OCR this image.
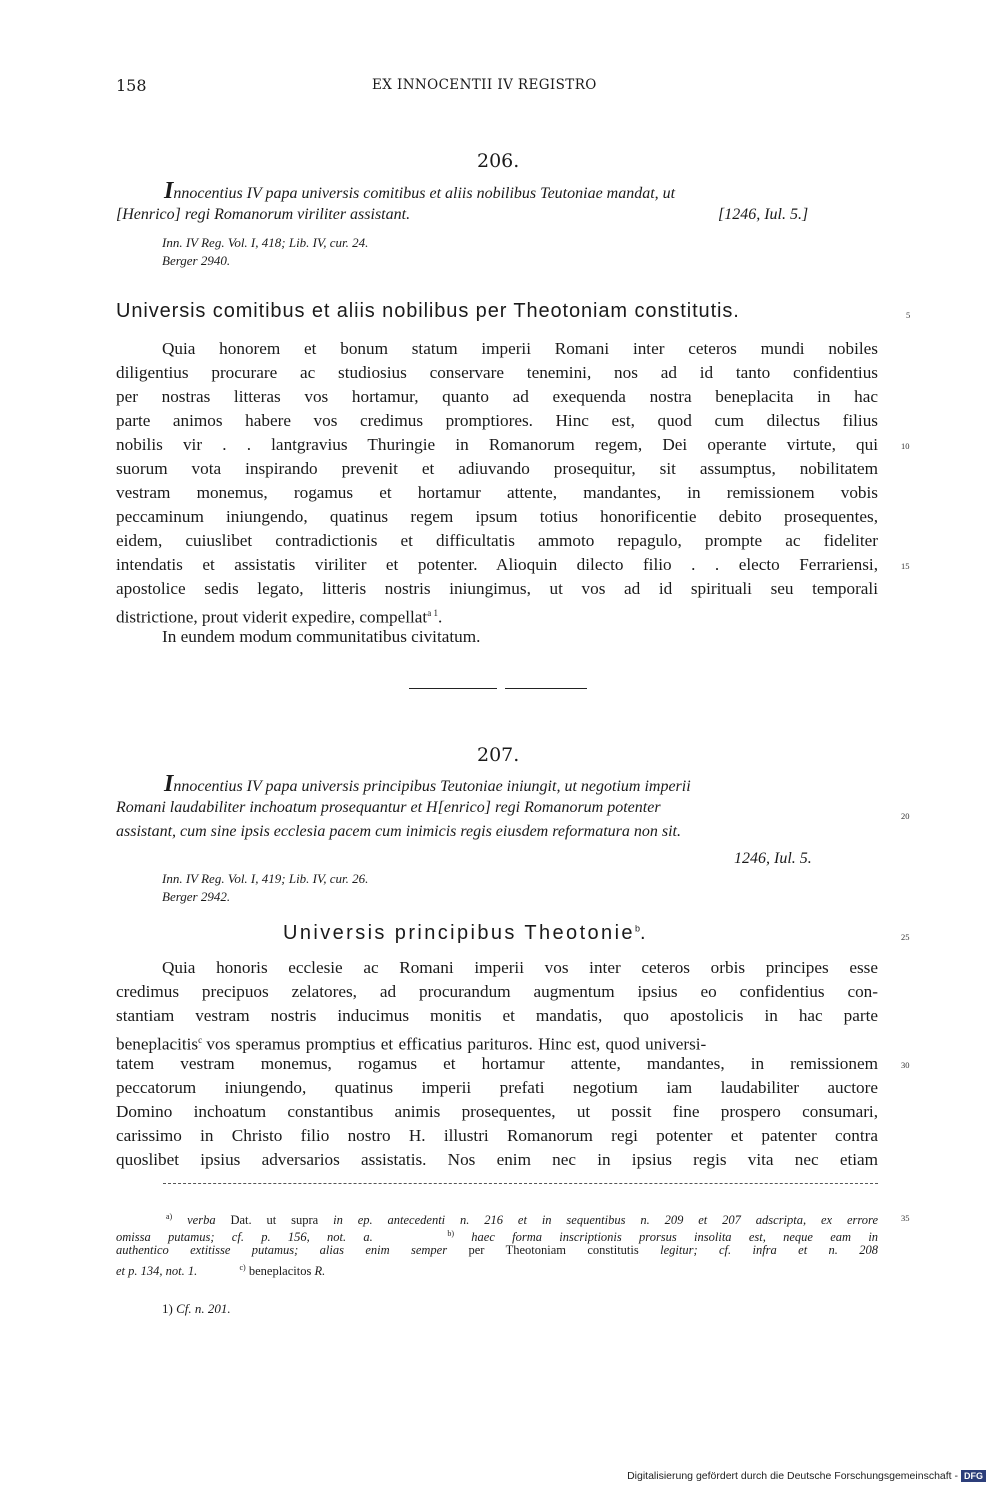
158	EX INNOCENTII IV REGISTRO
206.
Innocentius IV papa universis comitibus et aliis nobilibus Teutoniae mandat, ut
[Henrico] regi Romanorum viriliter assistant.	[1246, Iul. 5.]
Inn. IV Reg. Vol. I, 418; Lib. IV, cur. 24.
Berger 2940.
Universis comitibus et aliis nobilibus per Theotoniam constitutis.	5
Quia honorem et bonum statum imperii Romani inter ceteros mundi nobiles
diligentius procurare ac studiosius conservare tenemini, nos ad id tanto confidentius
per nostras litteras vos hortamur, quanto ad exequenda nostra beneplacita in hac
parte animos habere vos credimus promptiores. Hinc est, quod cum dilectus filius
nobilis vir . . lantgravius Thuringie in Romanorum regem, Dei operante virtute, qui	10
suorum vota inspirando prevenit et adiuvando prosequitur, sit assumptus, nobilitatem
vestram monemus, rogamus et hortamur attente, mandantes, in remissionem vobis
peccaminum iniungendo, quatinus regem ipsum totius honorificentie debito prosequentes,
eidem, cuiuslibet contradictionis et difficultatis ammoto repagulo, prompte ac fideliter
intendatis et assistatis viriliter et potenter. Alioquin dilecto filio . . electo Ferrariensi,	15
apostolice sedis legato, litteris nostris iniungimus, ut vos ad id spirituali seu temporali
districtione, prout viderit expedire, compellat$^{a 1}$.
In eundem modum communitatibus civitatum.
207.
Innocentius IV papa universis principibus Teutoniae iniungit, ut negotium imperii
Romani laudabiliter inchoatum prosequantur et H[enrico] regi Romanorum potenter	20
assistant, cum sine ipsis ecclesia pacem cum inimicis regis eiusdem reformatura non sit.
1246, Iul. 5.
Inn. IV Reg. Vol. I, 419; Lib. IV, cur. 26.
Berger 2942.
Universis principibus Theotonie$^b$.	25
Quia honoris ecclesie ac Romani imperii vos inter ceteros orbis principes esse
credimus precipuos zelatores, ad procurandum augmentum ipsius eo confidentius con-
stantiam vestram nostris inducimus monitis et mandatis, quo apostolicis in hac parte
beneplacitis$^c$ vos speramus promptius et efficatius parituros. Hinc est, quod universi-
tatem vestram monemus, rogamus et hortamur attente, mandantes, in remissionem	30
peccatorum iniungendo, quatinus imperii prefati negotium iam laudabiliter auctore
Domino inchoatum constantibus animis prosequentes, ut possit fine prospero consumari,
carissimo in Christo filio nostro H. illustri Romanorum regi potenter et patenter contra
quoslibet ipsius adversarios assistatis. Nos enim nec in ipsius regis vita nec etiam
$^{a)}$ verba Dat. ut supra in ep. antecedenti n. 216 et in sequentibus n. 209 et 207 adscripta, ex errore	35
omissa putamus; cf. p. 156, not. a.	$^{b)}$ haec forma inscriptionis prorsus insolita est, neque eam in
authentico extitisse putamus; alias enim semper per Theotoniam constitutis legitur; cf. infra et n. 208
et p. 134, not. 1.	$^{c)}$ beneplacitos R.
1) Cf. n. 201.
Digitalisierung gefördert durch die Deutsche Forschungsgemeinschaft - DFG
